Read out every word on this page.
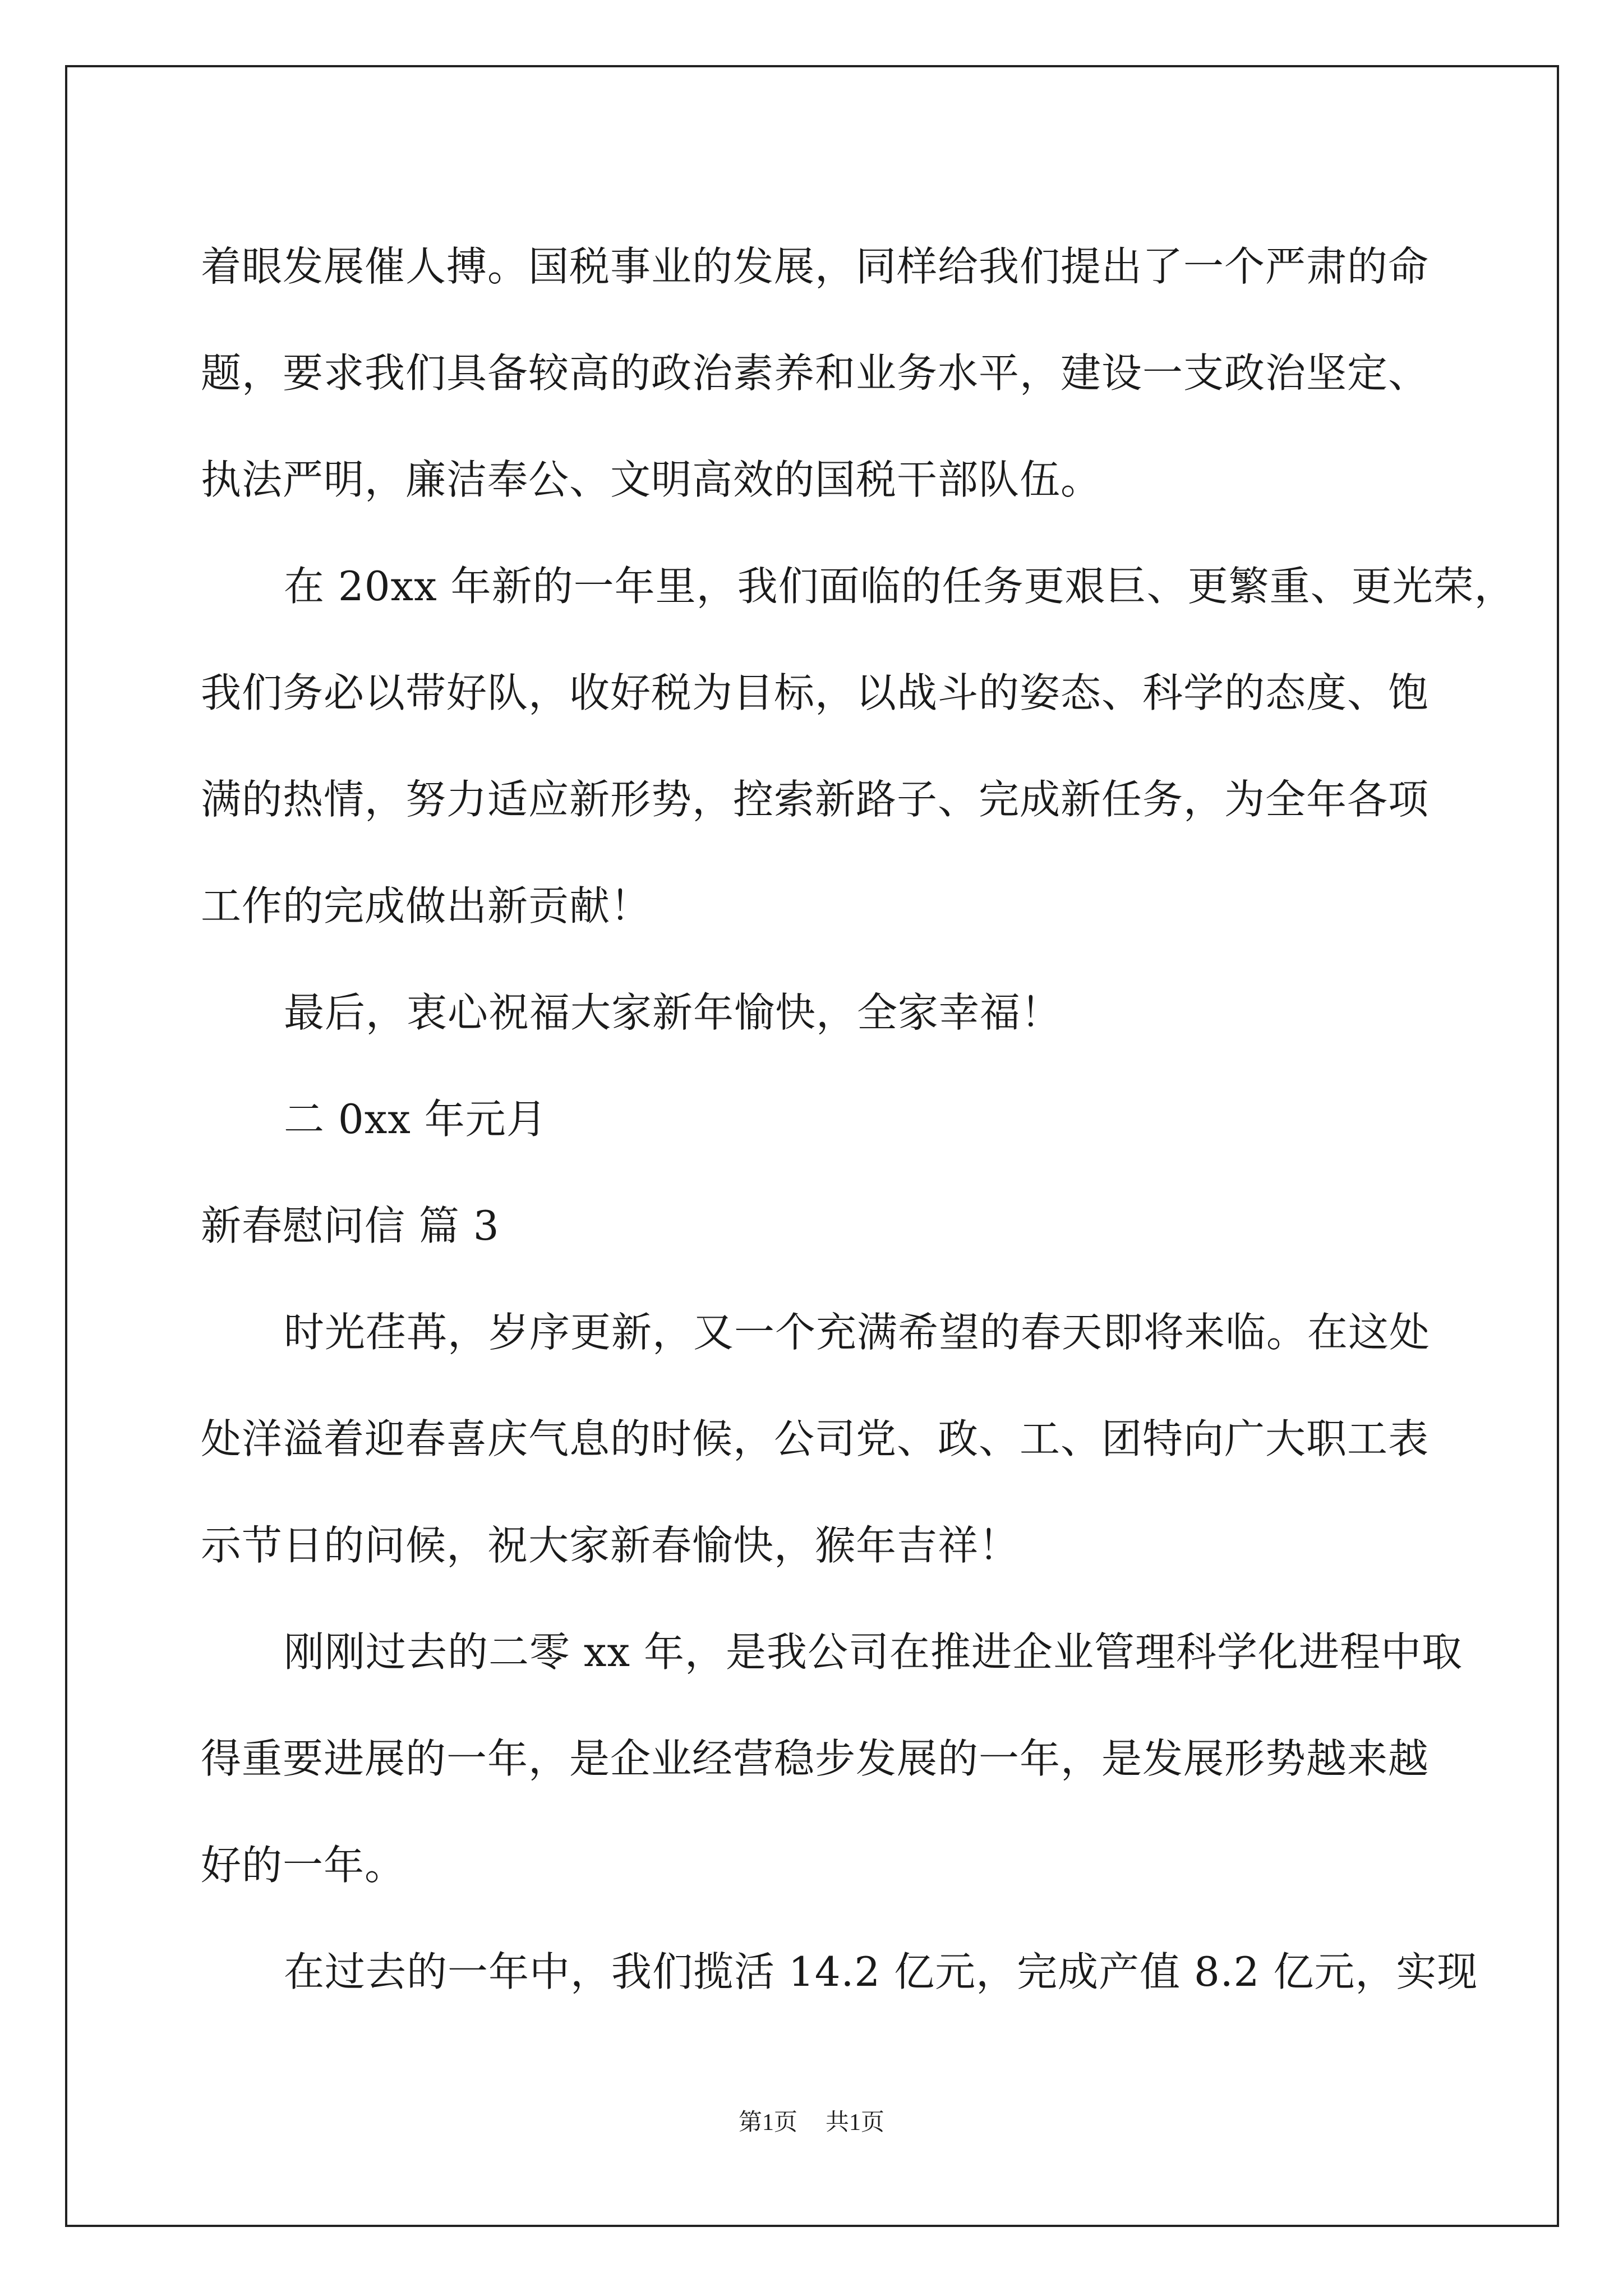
着眼发展催人搏。国税事业的发展，同样给我们提出了一个严肃的命
题，要求我们具备较高的政治素养和业务水平，建设一支政治坚定、
执法严明，廉洁奉公、文明高效的国税干部队伍。
在 20xx 年新的一年里，我们面临的任务更艰巨、更繁重、更光荣，
我们务必以带好队，收好税为目标，以战斗的姿态、科学的态度、饱
满的热情，努力适应新形势，控索新路子、完成新任务，为全年各项
工作的完成做出新贡献！
最后，衷心祝福大家新年愉快，全家幸福！
二 0xx 年元月
新春慰问信 篇 3
时光荏苒，岁序更新，又一个充满希望的春天即将来临。在这处
处洋溢着迎春喜庆气息的时候，公司党、政、工、团特向广大职工表
示节日的问候，祝大家新春愉快，猴年吉祥！
刚刚过去的二零 xx 年，是我公司在推进企业管理科学化进程中取
得重要进展的一年，是企业经营稳步发展的一年，是发展形势越来越
好的一年。
在过去的一年中，我们揽活 14.2 亿元，完成产值 8.2 亿元，实现
第1页 共1页
